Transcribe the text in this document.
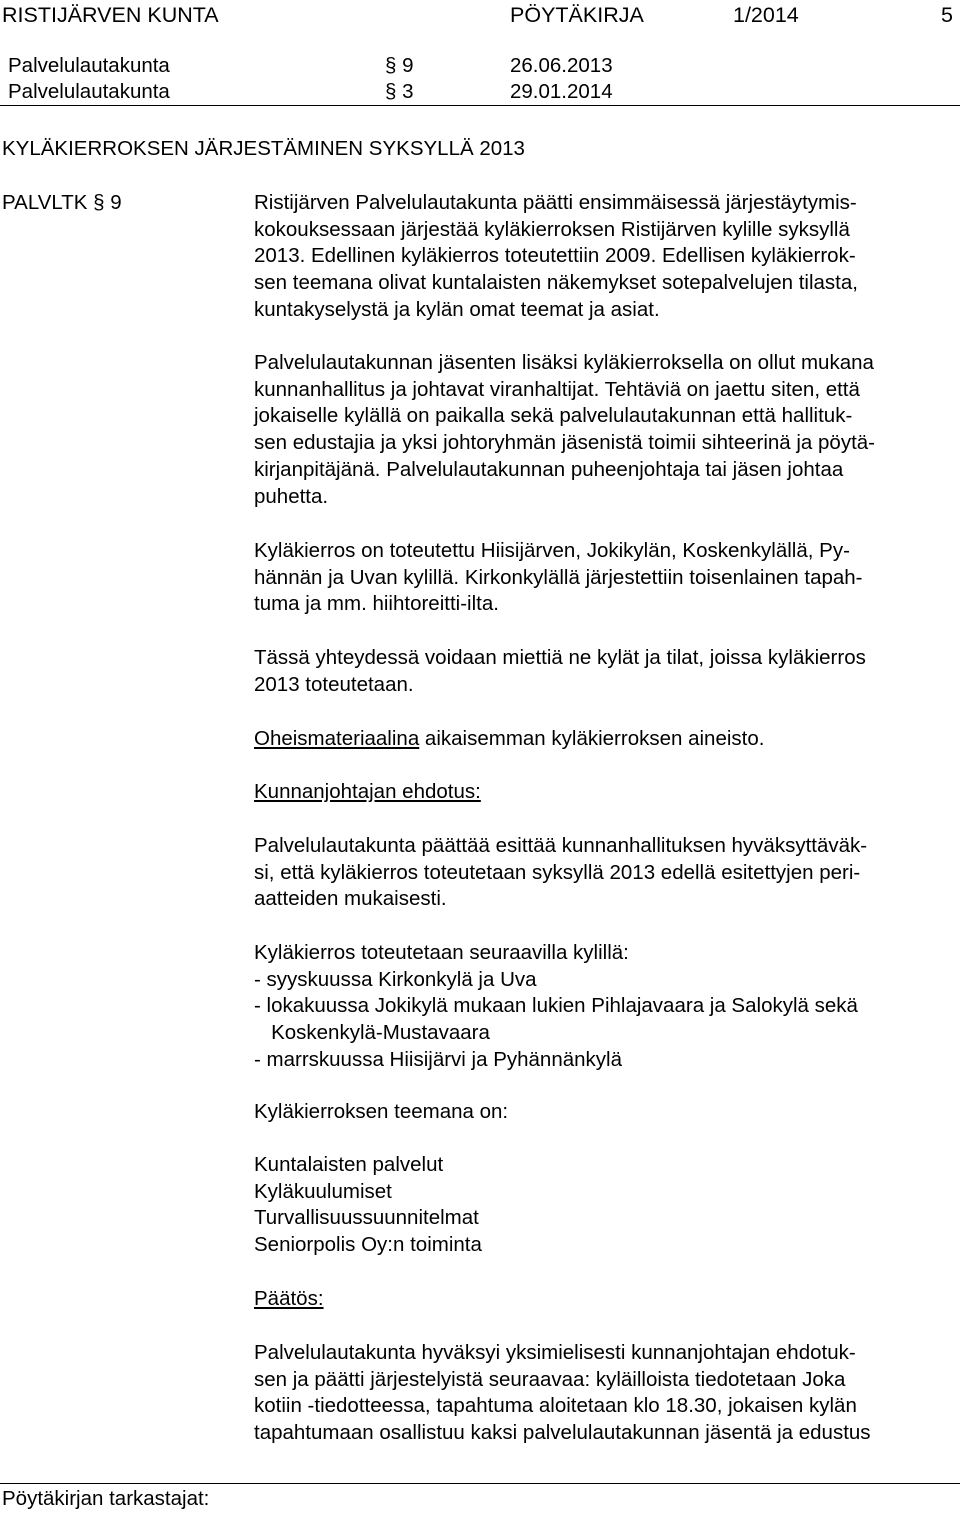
RISTIJÄRVEN KUNTA	PÖYTÄKIRJA	1/2014	5
Palvelulautakunta	§ 9	26.06.2013
Palvelulautakunta	§ 3	29.01.2014
KYLÄKIERROKSEN JÄRJESTÄMINEN SYKSYLLÄ 2013
PALVLTK § 9	Ristijärven Palvelulautakunta päätti ensimmäisessä järjestäytymis-

kokouksessaan järjestää kyläkierroksen Ristijärven kylille syksyllä

2013. Edellinen kyläkierros toteutettiin 2009. Edellisen kyläkierrok-

sen teemana olivat kuntalaisten näkemykset sotepalvelujen tilasta,

kuntakyselystä ja kylän omat teemat ja asiat.

Palvelulautakunnan jäsenten lisäksi kyläkierroksella on ollut mukana

kunnanhallitus ja johtavat viranhaltijat. Tehtäviä on jaettu siten, että

jokaiselle kylällä on paikalla sekä palvelulautakunnan että hallituk-

sen edustajia ja yksi johtoryhmän jäsenistä toimii sihteerinä ja pöytä-

kirjanpitäjänä. Palvelulautakunnan puheenjohtaja tai jäsen johtaa

puhetta.

Kyläkierros on toteutettu Hiisijärven, Jokikylän, Koskenkylällä, Py-

hännän ja Uvan kylillä. Kirkonkylällä järjestettiin toisenlainen tapah-

tuma ja mm. hiihtoreitti-ilta.

Tässä yhteydessä voidaan miettiä ne kylät ja tilat, joissa kyläkierros

2013 toteutetaan.

Oheismateriaalina aikaisemman kyläkierroksen aineisto.

Kunnanjohtajan ehdotus:

Palvelulautakunta päättää esittää kunnanhallituksen hyväksyttäväk-

si, että kyläkierros toteutetaan syksyllä 2013 edellä esitettyjen peri-

aatteiden mukaisesti.

Kyläkierros toteutetaan seuraavilla kylillä:

- syyskuussa Kirkonkylä ja Uva

- lokakuussa Jokikylä mukaan lukien Pihlajavaara ja Salokylä sekä

Koskenkylä-Mustavaara

- marrskuussa Hiisijärvi ja Pyhännänkylä

Kyläkierroksen teemana on:

Kuntalaisten palvelut

Kyläkuulumiset

Turvallisuussuunnitelmat

Seniorpolis Oy:n toiminta

Päätös:

Palvelulautakunta hyväksyi yksimielisesti kunnanjohtajan ehdotuk-

sen ja päätti järjestelyistä seuraavaa: kyläilloista tiedotetaan Joka

kotiin -tiedotteessa, tapahtuma aloitetaan klo 18.30, jokaisen kylän

tapahtumaan osallistuu kaksi palvelulautakunnan jäsentä ja edustus

Pöytäkirjan tarkastajat:
